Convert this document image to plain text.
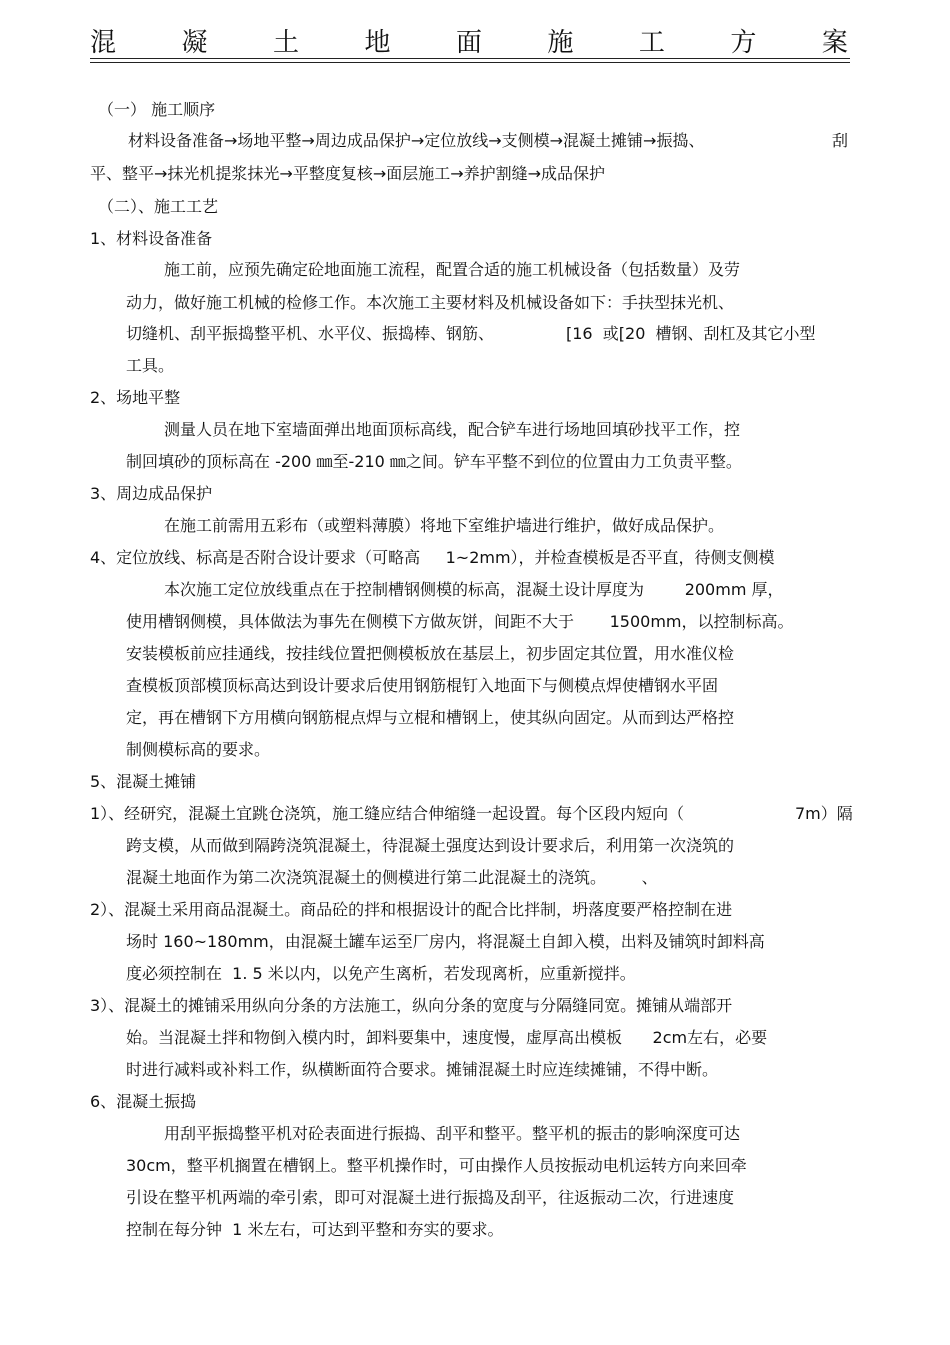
混	凝	土	地	面	施	工	方	案
（一） 施工顺序
材料设备准备→场地平整→周边成品保护→定位放线→支侧模→混凝土摊铺→振捣、	刮
平、整平→抹光机提浆抹光→平整度复核→面层施工→养护割缝→成品保护
（二）、施工工艺
1、材料设备准备
施工前，应预先确定砼地面施工流程，配置合适的施工机械设备（包括数量）及劳
动力，做好施工机械的检修工作。本次施工主要材料及机械设备如下：手扶型抹光机、
切缝机、刮平振捣整平机、水平仪、振捣棒、钢筋、	[16  或[20  槽钢、刮杠及其它小型
工具。
2、场地平整
测量人员在地下室墙面弹出地面顶标高线，配合铲车进行场地回填砂找平工作，控
制回填砂的顶标高在 -200 ㎜至-210 ㎜之间。铲车平整不到位的位置由力工负责平整。
3、周边成品保护
在施工前需用五彩布（或塑料薄膜）将地下室维护墙进行维护，做好成品保护。
4、定位放线、标高是否附合设计要求（可略高     1~2mm），并检查模板是否平直，待侧支侧模
本次施工定位放线重点在于控制槽钢侧模的标高，混凝土设计厚度为        200mm 厚，
使用槽钢侧模，具体做法为事先在侧模下方做灰饼，间距不大于       1500mm，以控制标高。
安装模板前应挂通线，按挂线位置把侧模板放在基层上，初步固定其位置，用水准仪检
查模板顶部模顶标高达到设计要求后使用钢筋棍钉入地面下与侧模点焊使槽钢水平固
定，再在槽钢下方用横向钢筋棍点焊与立棍和槽钢上，使其纵向固定。从而到达严格控
制侧模标高的要求。
5、混凝土摊铺
1）、经研究，混凝土宜跳仓浇筑，施工缝应结合伸缩缝一起设置。每个区段内短向（	7m）隔
跨支模，从而做到隔跨浇筑混凝土，待混凝土强度达到设计要求后，利用第一次浇筑的
混凝土地面作为第二次浇筑混凝土的侧模进行第二此混凝土的浇筑。       、
2）、混凝土采用商品混凝土。商品砼的拌和根据设计的配合比拌制，坍落度要严格控制在进
场时 160~180mm，由混凝土罐车运至厂房内，将混凝土自卸入模，出料及铺筑时卸料高
度必须控制在  1. 5 米以内，以免产生离析，若发现离析，应重新搅拌。
3）、混凝土的摊铺采用纵向分条的方法施工，纵向分条的宽度与分隔缝同宽。摊铺从端部开
始。当混凝土拌和物倒入模内时，卸料要集中，速度慢，虚厚高出模板      2cm左右，必要
时进行减料或补料工作，纵横断面符合要求。摊铺混凝土时应连续摊铺，不得中断。
6、混凝土振捣
用刮平振捣整平机对砼表面进行振捣、刮平和整平。整平机的振击的影响深度可达
30cm，整平机搁置在槽钢上。整平机操作时，可由操作人员按振动电机运转方向来回牵
引设在整平机两端的牵引索，即可对混凝土进行振捣及刮平，往返振动二次，行进速度
控制在每分钟  1 米左右，可达到平整和夯实的要求。
